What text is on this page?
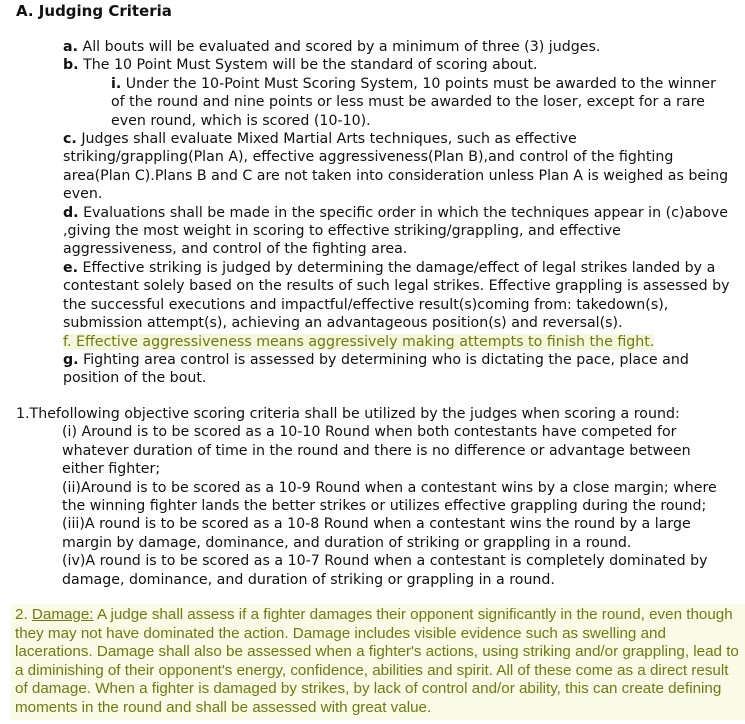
A. Judging Criteria

a. All bouts will be evaluated and scored by a minimum of three (3) judges.

b. The 10 Point Must System will be the standard of scoring about.

i. Under the 10-Point Must Scoring System, 10 points must be awarded to the winner of the round and nine points or less must be awarded to the loser, except for a rare even round, which is scored (10-10).

c. Judges shall evaluate Mixed Martial Arts techniques, such as effective striking/grappling(Plan A), effective aggressiveness(Plan B),and control of the fighting area(Plan C).Plans B and C are not taken into consideration unless Plan A is weighed as being even.

d. Evaluations shall be made in the specific order in which the techniques appear in (c)above ,giving the most weight in scoring to effective striking/grappling, and effective aggressiveness, and control of the fighting area.

e. Effective striking is judged by determining the damage/effect of legal strikes landed by a contestant solely based on the results of such legal strikes. Effective grappling is assessed by the successful executions and impactful/effective result(s)coming from: takedown(s), submission attempt(s), achieving an advantageous position(s) and reversal(s).

f. Effective aggressiveness means aggressively making attempts to finish the fight.

g. Fighting area control is assessed by determining who is dictating the pace, place and position of the bout.

1.Thefollowing objective scoring criteria shall be utilized by the judges when scoring a round:

(i) Around is to be scored as a 10-10 Round when both contestants have competed for whatever duration of time in the round and there is no difference or advantage between either fighter;

(ii)Around is to be scored as a 10-9 Round when a contestant wins by a close margin; where the winning fighter lands the better strikes or utilizes effective grappling during the round;

(iii)A round is to be scored as a 10-8 Round when a contestant wins the round by a large margin by damage, dominance, and duration of striking or grappling in a round.

(iv)A round is to be scored as a 10-7 Round when a contestant is completely dominated by damage, dominance, and duration of striking or grappling in a round.

2. Damage: A judge shall assess if a fighter damages their opponent significantly in the round, even though they may not have dominated the action. Damage includes visible evidence such as swelling and lacerations. Damage shall also be assessed when a fighter's actions, using striking and/or grappling, lead to a diminishing of their opponent's energy, confidence, abilities and spirit. All of these come as a direct result of damage. When a fighter is damaged by strikes, by lack of control and/or ability, this can create defining moments in the round and shall be assessed with great value.
